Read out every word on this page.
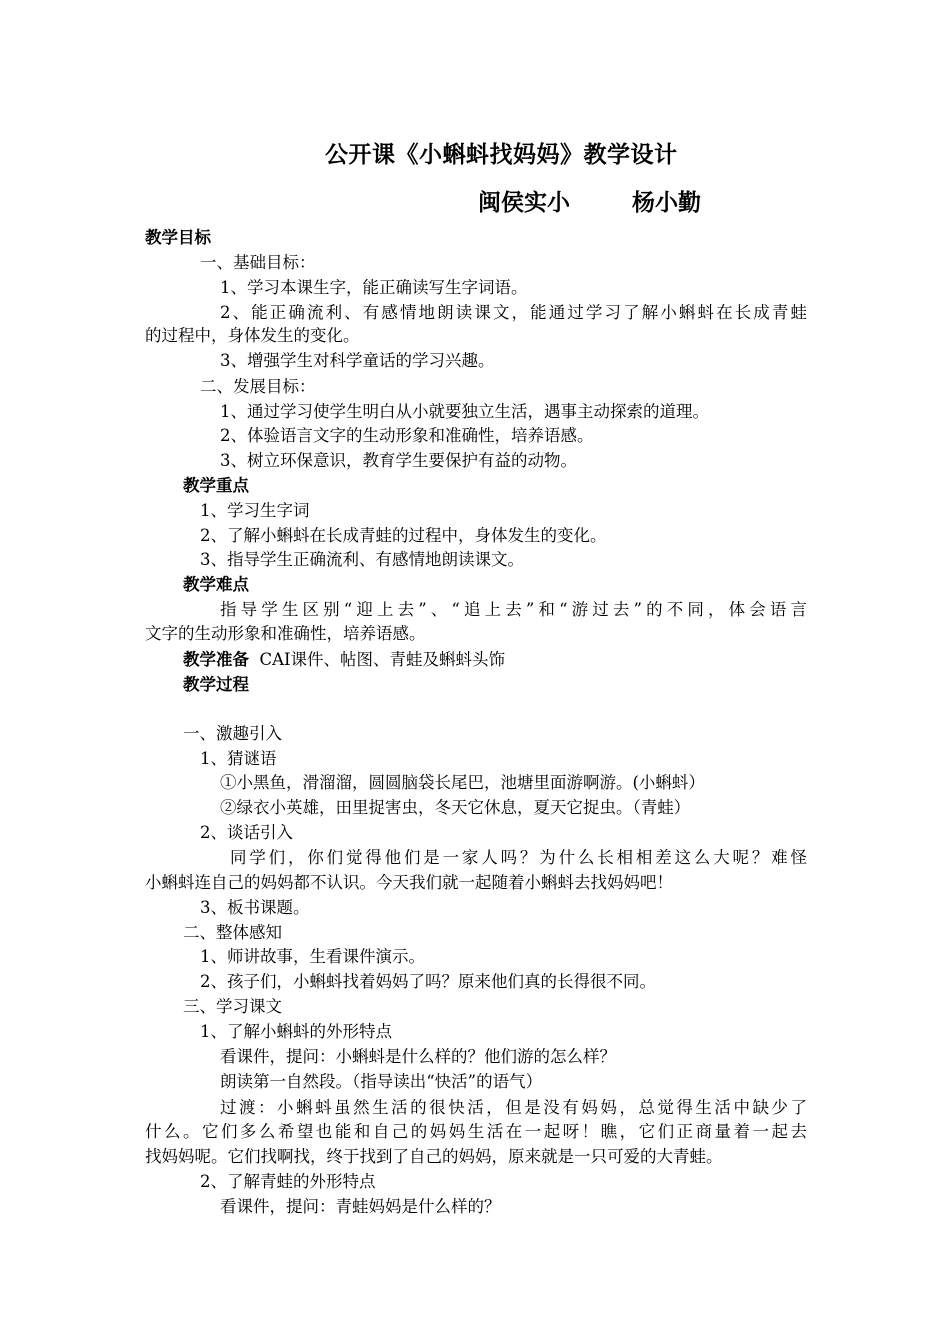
公开课《小蝌蚪找妈妈》教学设计
闽侯实小	杨小勤
教学目标
一、基础目标：
1、学习本课生字，能正确读写生字词语。
2、能正确流利、有感情地朗读课文，能通过学习了解小蝌蚪在长成青蛙
的过程中，身体发生的变化。
3、增强学生对科学童话的学习兴趣。
二、发展目标：
1、通过学习使学生明白从小就要独立生活，遇事主动探索的道理。
2、体验语言文字的生动形象和准确性，培养语感。
3、树立环保意识，教育学生要保护有益的动物。
教学重点
1、学习生字词
2、了解小蝌蚪在长成青蛙的过程中，身体发生的变化。
3、指导学生正确流利、有感情地朗读课文。
教学难点
指导学生区别“迎上去”、“追上去”和“游过去”的不同，体会语言
文字的生动形象和准确性，培养语感。
教学准备 CAI课件、帖图、青蛙及蝌蚪头饰
教学过程
一、激趣引入
1、猜谜语
①小黑鱼，滑溜溜，圆圆脑袋长尾巴，池塘里面游啊游。(小蝌蚪）
②绿衣小英雄，田里捉害虫，冬天它休息，夏天它捉虫。（青蛙）
2、谈话引入
同学们，你们觉得他们是一家人吗？为什么长相相差这么大呢？难怪
小蝌蚪连自己的妈妈都不认识。今天我们就一起随着小蝌蚪去找妈妈吧！
3、板书课题。
二、整体感知
1、师讲故事，生看课件演示。
2、孩子们，小蝌蚪找着妈妈了吗？原来他们真的长得很不同。
三、学习课文
1、了解小蝌蚪的外形特点
看课件，提问：小蝌蚪是什么样的？他们游的怎么样？
朗读第一自然段。（指导读出“快活”的语气）
过渡：小蝌蚪虽然生活的很快活，但是没有妈妈，总觉得生活中缺少了
什么。它们多么希望也能和自己的妈妈生活在一起呀！瞧，它们正商量着一起去
找妈妈呢。它们找啊找，终于找到了自己的妈妈，原来就是一只可爱的大青蛙。
2、了解青蛙的外形特点
看课件，提问：青蛙妈妈是什么样的？
